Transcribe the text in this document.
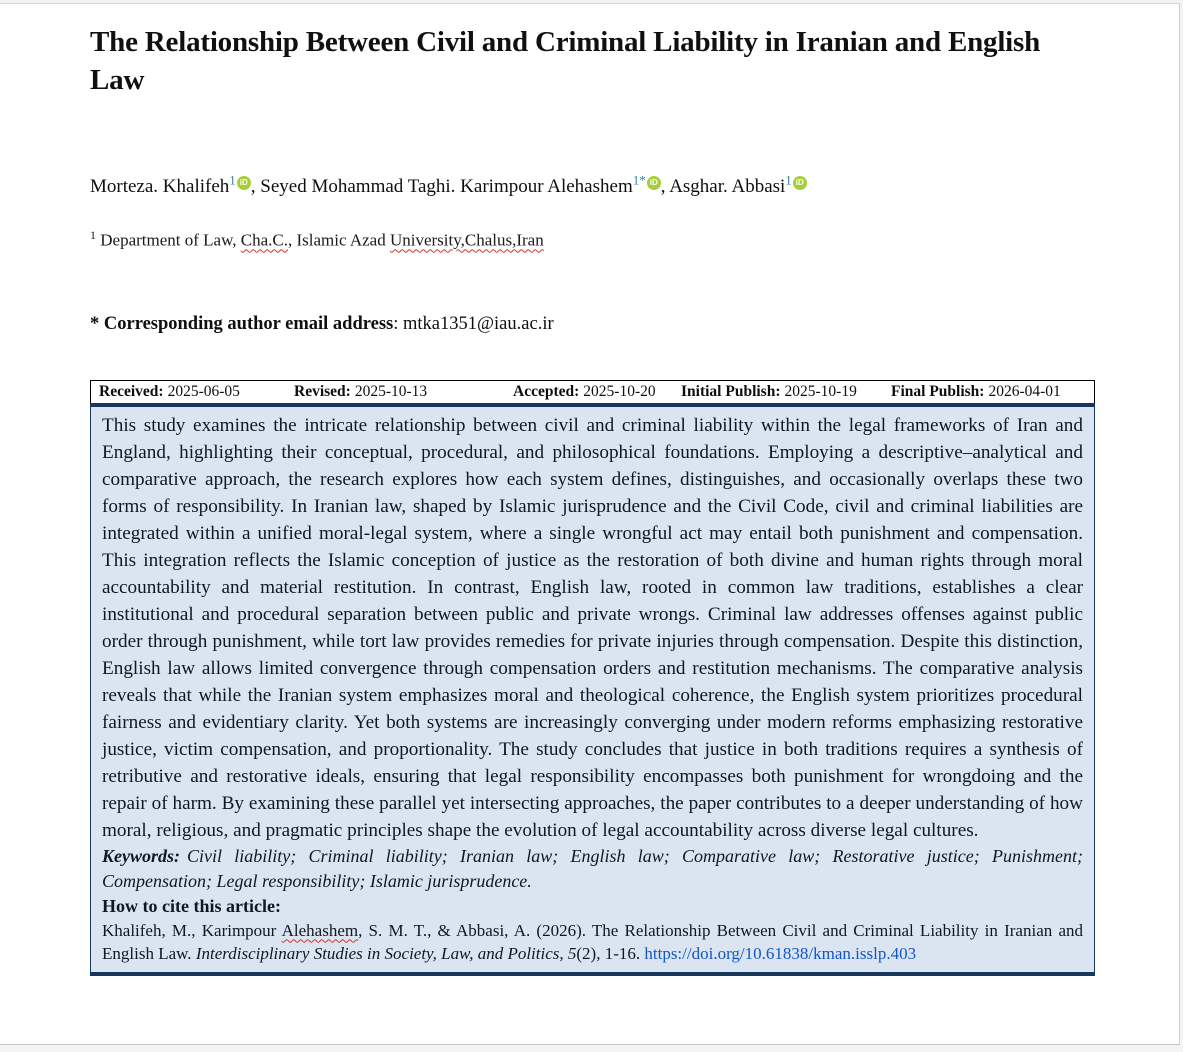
The Relationship Between Civil and Criminal Liability in Iranian and English Law

Morteza. Khalifeh$^1$ iD , Seyed Mohammad Taghi. Karimpour Alehashem$^{1*}$ iD , Asghar. Abbasi$^1$ iD

$^1$ Department of Law, Cha.C., Islamic Azad University,Chalus,Iran

* Corresponding author email address: mtka1351@iau.ac.ir

Received: 2025-06-05	Revised: 2025-10-13	Accepted: 2025-10-20	Initial Publish: 2025-10-19	Final Publish: 2026-04-01

This study examines the intricate relationship between civil and criminal liability within the legal frameworks of Iran and England, highlighting their conceptual, procedural, and philosophical foundations. Employing a descriptive–analytical and comparative approach, the research explores how each system defines, distinguishes, and occasionally overlaps these two forms of responsibility. In Iranian law, shaped by Islamic jurisprudence and the Civil Code, civil and criminal liabilities are integrated within a unified moral-legal system, where a single wrongful act may entail both punishment and compensation. This integration reflects the Islamic conception of justice as the restoration of both divine and human rights through moral accountability and material restitution. In contrast, English law, rooted in common law traditions, establishes a clear institutional and procedural separation between public and private wrongs. Criminal law addresses offenses against public order through punishment, while tort law provides remedies for private injuries through compensation. Despite this distinction, English law allows limited convergence through compensation orders and restitution mechanisms. The comparative analysis reveals that while the Iranian system emphasizes moral and theological coherence, the English system prioritizes procedural fairness and evidentiary clarity. Yet both systems are increasingly converging under modern reforms emphasizing restorative justice, victim compensation, and proportionality. The study concludes that justice in both traditions requires a synthesis of retributive and restorative ideals, ensuring that legal responsibility encompasses both punishment for wrongdoing and the repair of harm. By examining these parallel yet intersecting approaches, the paper contributes to a deeper understanding of how moral, religious, and pragmatic principles shape the evolution of legal accountability across diverse legal cultures.

Keywords: Civil liability; Criminal liability; Iranian law; English law; Comparative law; Restorative justice; Punishment; Compensation; Legal responsibility; Islamic jurisprudence.

How to cite this article:

Khalifeh, M., Karimpour Alehashem, S. M. T., & Abbasi, A. (2026). The Relationship Between Civil and Criminal Liability in Iranian and English Law. Interdisciplinary Studies in Society, Law, and Politics, 5(2), 1-16. https://doi.org/10.61838/kman.isslp.403
